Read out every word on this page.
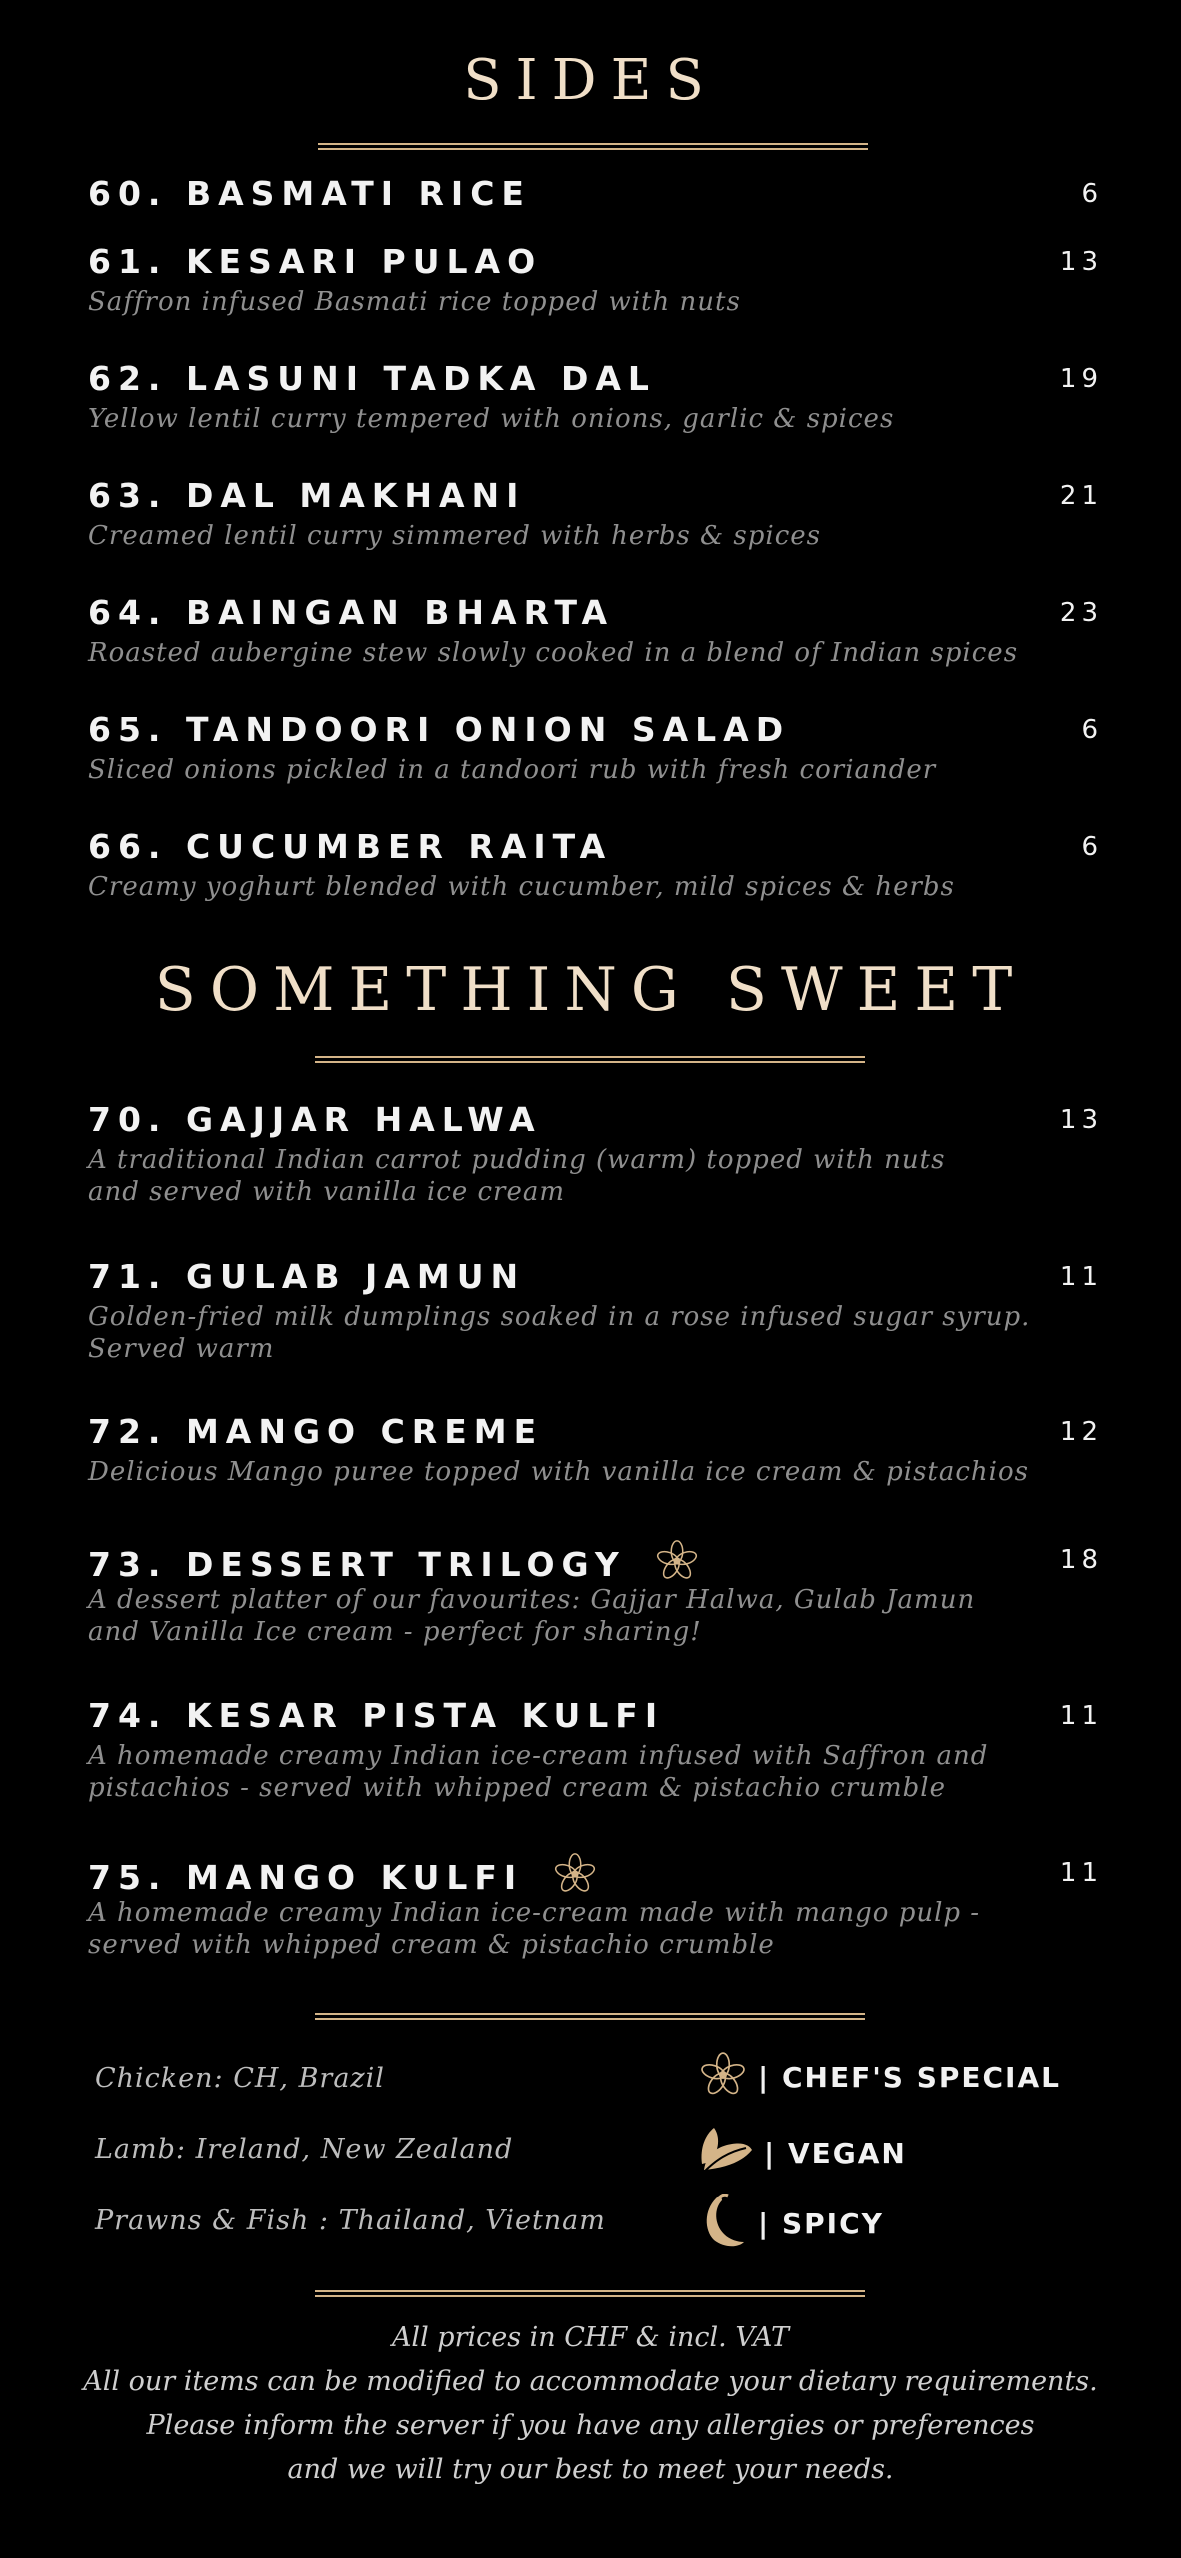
SIDES
60. BASMATI RICE	6
61. KESARI PULAO	13
Saffron infused Basmati rice topped with nuts
62. LASUNI TADKA DAL	19
Yellow lentil curry tempered with onions, garlic & spices
63. DAL MAKHANI	21
Creamed lentil curry simmered with herbs & spices
64. BAINGAN BHARTA	23
Roasted aubergine stew slowly cooked in a blend of Indian spices
65. TANDOORI ONION SALAD	6
Sliced onions pickled in a tandoori rub with fresh coriander
66. CUCUMBER RAITA	6
Creamy yoghurt blended with cucumber, mild spices & herbs
SOMETHING SWEET
70. GAJJAR HALWA	13
A traditional Indian carrot pudding (warm) topped with nuts
and served with vanilla ice cream
71. GULAB JAMUN	11
Golden-fried milk dumplings soaked in a rose infused sugar syrup.
Served warm
72. MANGO CREME	12
Delicious Mango puree topped with vanilla ice cream & pistachios
73. DESSERT TRILOGY	18
A dessert platter of our favourites: Gajjar Halwa, Gulab Jamun
and Vanilla Ice cream - perfect for sharing!
74. KESAR PISTA KULFI	11
A homemade creamy Indian ice-cream infused with Saffron and
pistachios - served with whipped cream & pistachio crumble
75. MANGO KULFI	11
A homemade creamy Indian ice-cream made with mango pulp -
served with whipped cream & pistachio crumble
Chicken: CH, Brazil
Lamb: Ireland, New Zealand
Prawns & Fish : Thailand, Vietnam
| CHEF'S SPECIAL
| VEGAN
| SPICY
All prices in CHF & incl. VAT
All our items can be modified to accommodate your dietary requirements.
Please inform the server if you have any allergies or preferences
and we will try our best to meet your needs.
